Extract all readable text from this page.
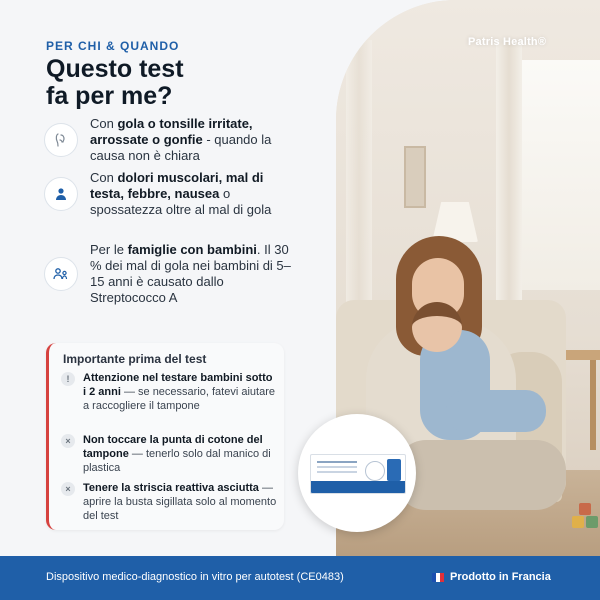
Patris Health®
PER CHI & QUANDO
Questo test
fa per me?
Con gola o tonsille irritate, arrossate o gonfie - quando la causa non è chiara
Con dolori muscolari, mal di testa, febbre, nausea o spossatezza oltre al mal di gola
Per le famiglie con bambini. Il 30 % dei mal di gola nei bambini di 5–15 anni è causato dallo Streptococco A
Importante prima del test
!	Attenzione nel testare bambini sotto i 2 anni — se necessario, fatevi aiutare a raccogliere il tampone
×	Non toccare la punta di cotone del tampone — tenerlo solo dal manico di plastica
×	Tenere la striscia reattiva asciutta — aprire la busta sigillata solo al momento del test
Dispositivo medico-diagnostico in vitro per autotest (CE0483)	Prodotto in Francia
